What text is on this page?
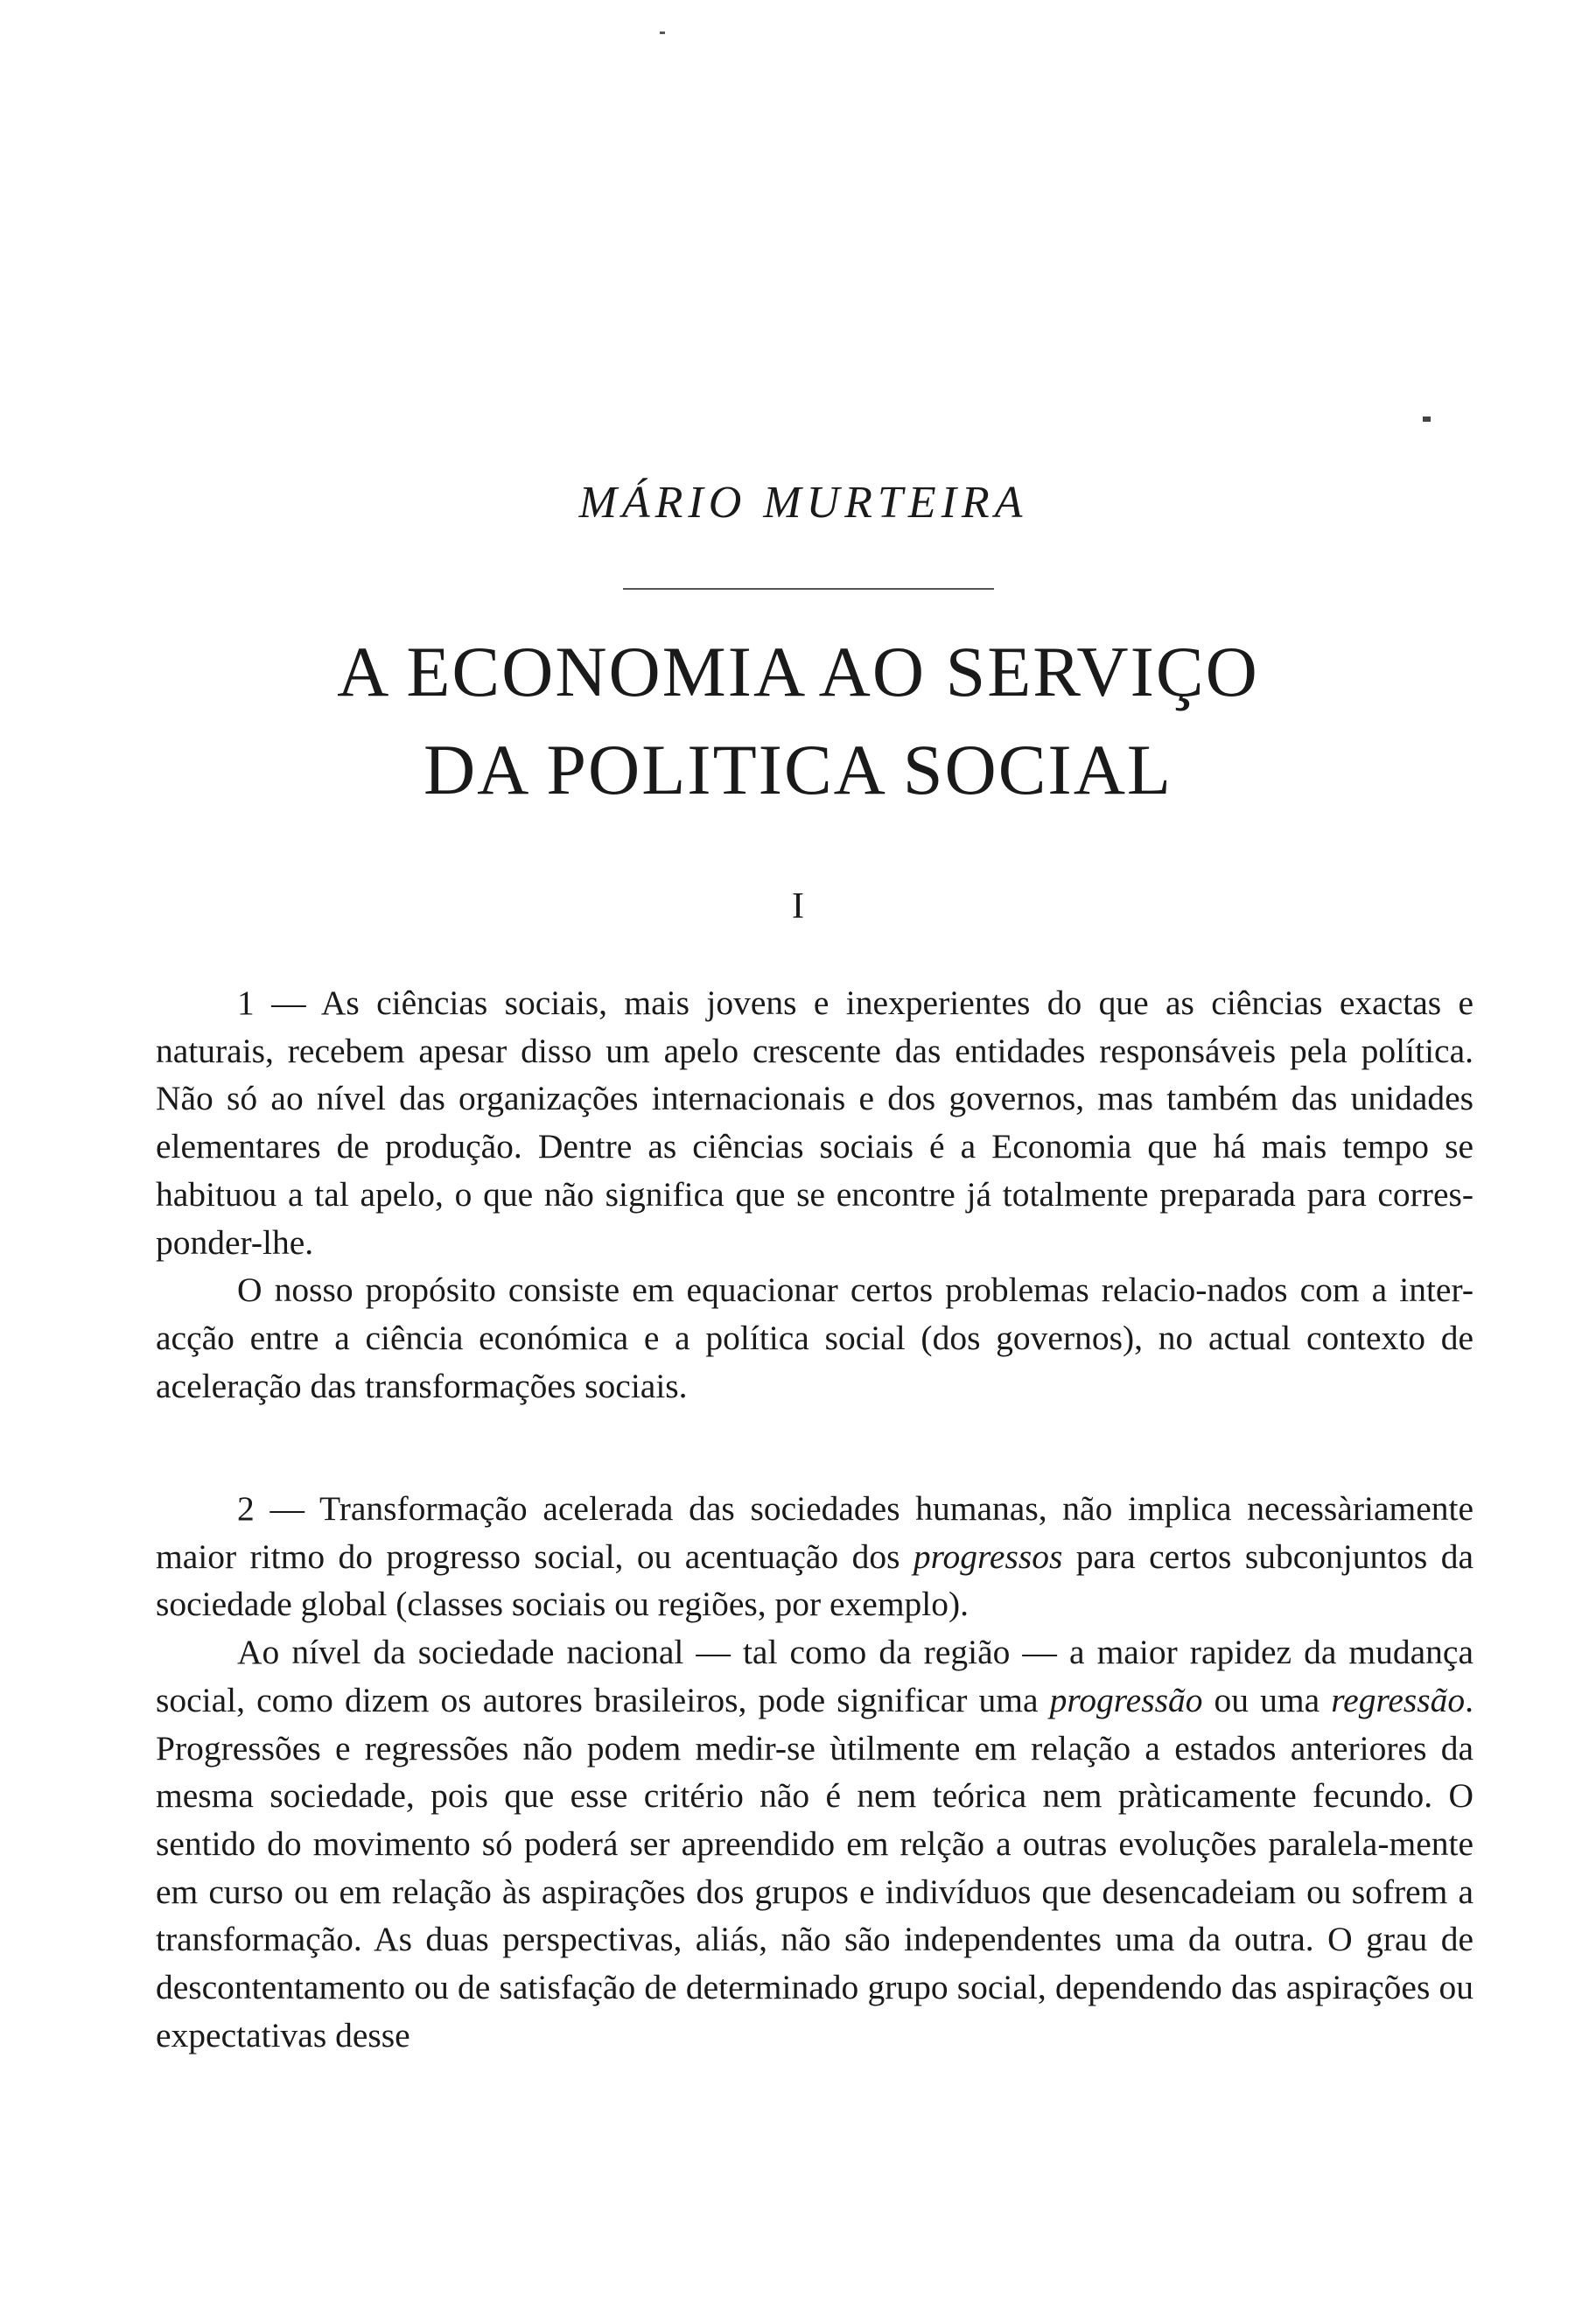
MÁRIO MURTEIRA
A ECONOMIA AO SERVIÇO
DA POLITICA SOCIAL
I

1 — As ciências sociais, mais jovens e inexperientes do que as ciências exactas e naturais, recebem apesar disso um apelo crescente das entidades responsáveis pela política. Não só ao nível das organizações internacionais e dos governos, mas também das unidades elementares de produção. Dentre as ciências sociais é a Economia que há mais tempo se habituou a tal apelo, o que não significa que se encontre já totalmente preparada para corres-ponder-lhe.

O nosso propósito consiste em equacionar certos problemas relacio-nados com a inter-acção entre a ciência económica e a política social (dos governos), no actual contexto de aceleração das transformações sociais.

2 — Transformação acelerada das sociedades humanas, não implica necessàriamente maior ritmo do progresso social, ou acentuação dos progressos para certos subconjuntos da sociedade global (classes sociais ou regiões, por exemplo).

Ao nível da sociedade nacional — tal como da região — a maior rapidez da mudança social, como dizem os autores brasileiros, pode significar uma progressão ou uma regressão. Progressões e regressões não podem medir-se ùtilmente em relação a estados anteriores da mesma sociedade, pois que esse critério não é nem teórica nem pràticamente fecundo. O sentido do movimento só poderá ser apreendido em relção a outras evoluções paralela-mente em curso ou em relação às aspirações dos grupos e indivíduos que desencadeiam ou sofrem a transformação. As duas perspectivas, aliás, não são independentes uma da outra. O grau de descontentamento ou de satisfação de determinado grupo social, dependendo das aspirações ou expectativas desse
